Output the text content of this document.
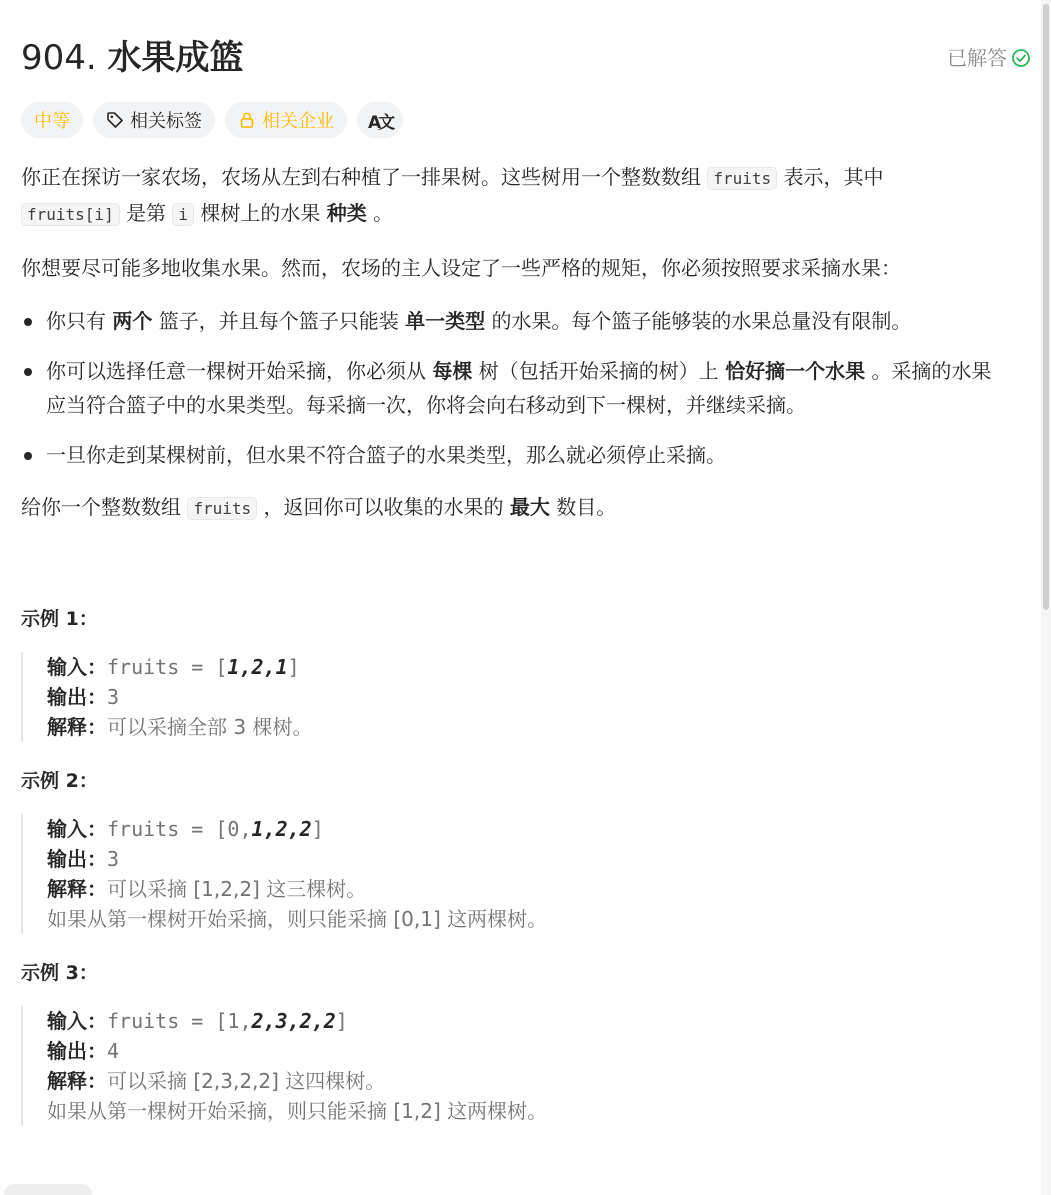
904. 水果成篮	已解答
中等	相关标签	相关企业 A文
你正在探访一家农场，农场从左到右种植了一排果树。这些树用一个整数数组 fruits 表示，其中
fruits[i] 是第 i 棵树上的水果 种类 。
你想要尽可能多地收集水果。然而，农场的主人设定了一些严格的规矩，你必须按照要求采摘水果：
你只有 两个 篮子，并且每个篮子只能装 单一类型 的水果。每个篮子能够装的水果总量没有限制。
你可以选择任意一棵树开始采摘，你必须从 每棵 树（包括开始采摘的树）上 恰好摘一个水果 。采摘的水果应当符合篮子中的水果类型。每采摘一次，你将会向右移动到下一棵树，并继续采摘。
一旦你走到某棵树前，但水果不符合篮子的水果类型，那么就必须停止采摘。
给你一个整数数组 fruits ，返回你可以收集的水果的 最大 数目。
示例 1：
输入：fruits = [1,2,1]
输出：3
解释：可以采摘全部 3 棵树。
示例 2：
输入：fruits = [0,1,2,2]
输出：3
解释：可以采摘 [1,2,2] 这三棵树。
如果从第一棵树开始采摘，则只能采摘 [0,1] 这两棵树。
示例 3：
输入：fruits = [1,2,3,2,2]
输出：4
解释：可以采摘 [2,3,2,2] 这四棵树。
如果从第一棵树开始采摘，则只能采摘 [1,2] 这两棵树。
